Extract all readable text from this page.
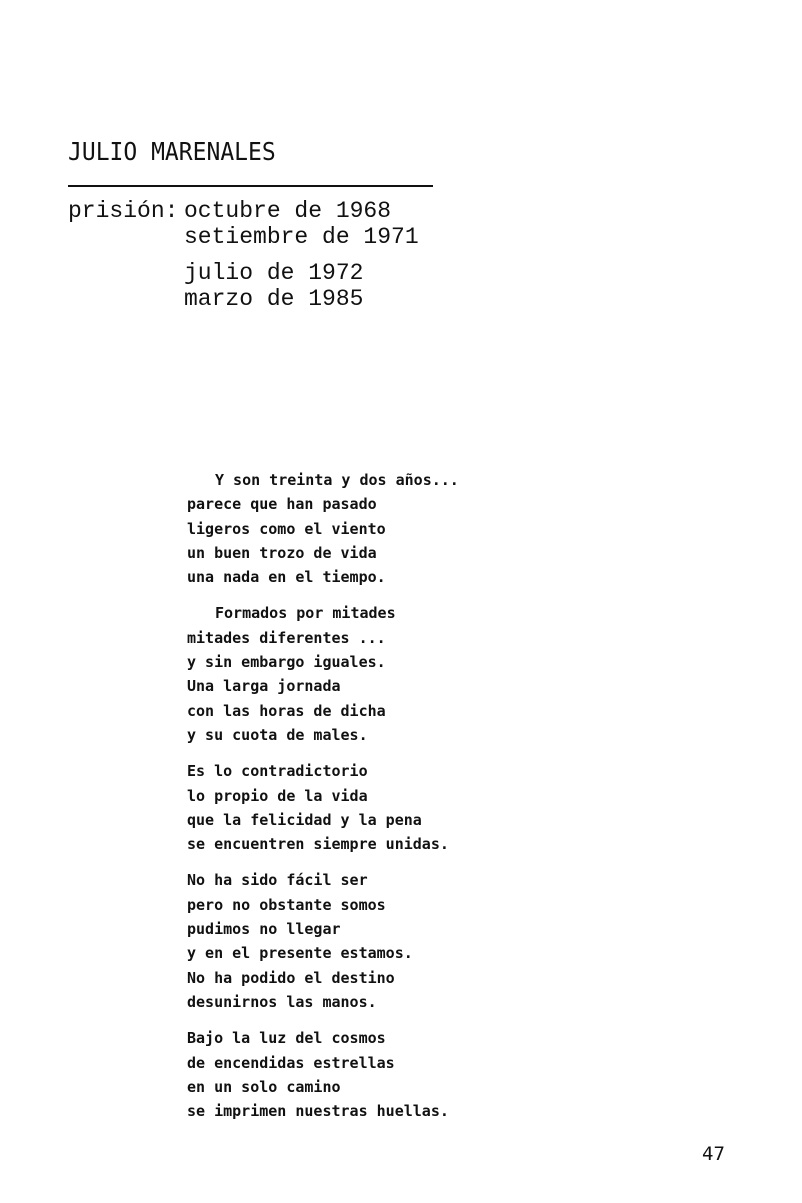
JULIO MARENALES
prisión: octubre de 1968
setiembre de 1971
julio de 1972
marzo de 1985
Y son treinta y dos años...
parece que han pasado
ligeros como el viento
un buen trozo de vida
una nada en el tiempo.
Formados por mitades
mitades diferentes ...
y sin embargo iguales.
Una larga jornada
con las horas de dicha
y su cuota de males.
Es lo contradictorio
lo propio de la vida
que la felicidad y la pena
se encuentren siempre unidas.
No ha sido fácil ser
pero no obstante somos
pudimos no llegar
y en el presente estamos.
No ha podido el destino
desunirnos las manos.
Bajo la luz del cosmos
de encendidas estrellas
en un solo camino
se imprimen nuestras huellas.
47
